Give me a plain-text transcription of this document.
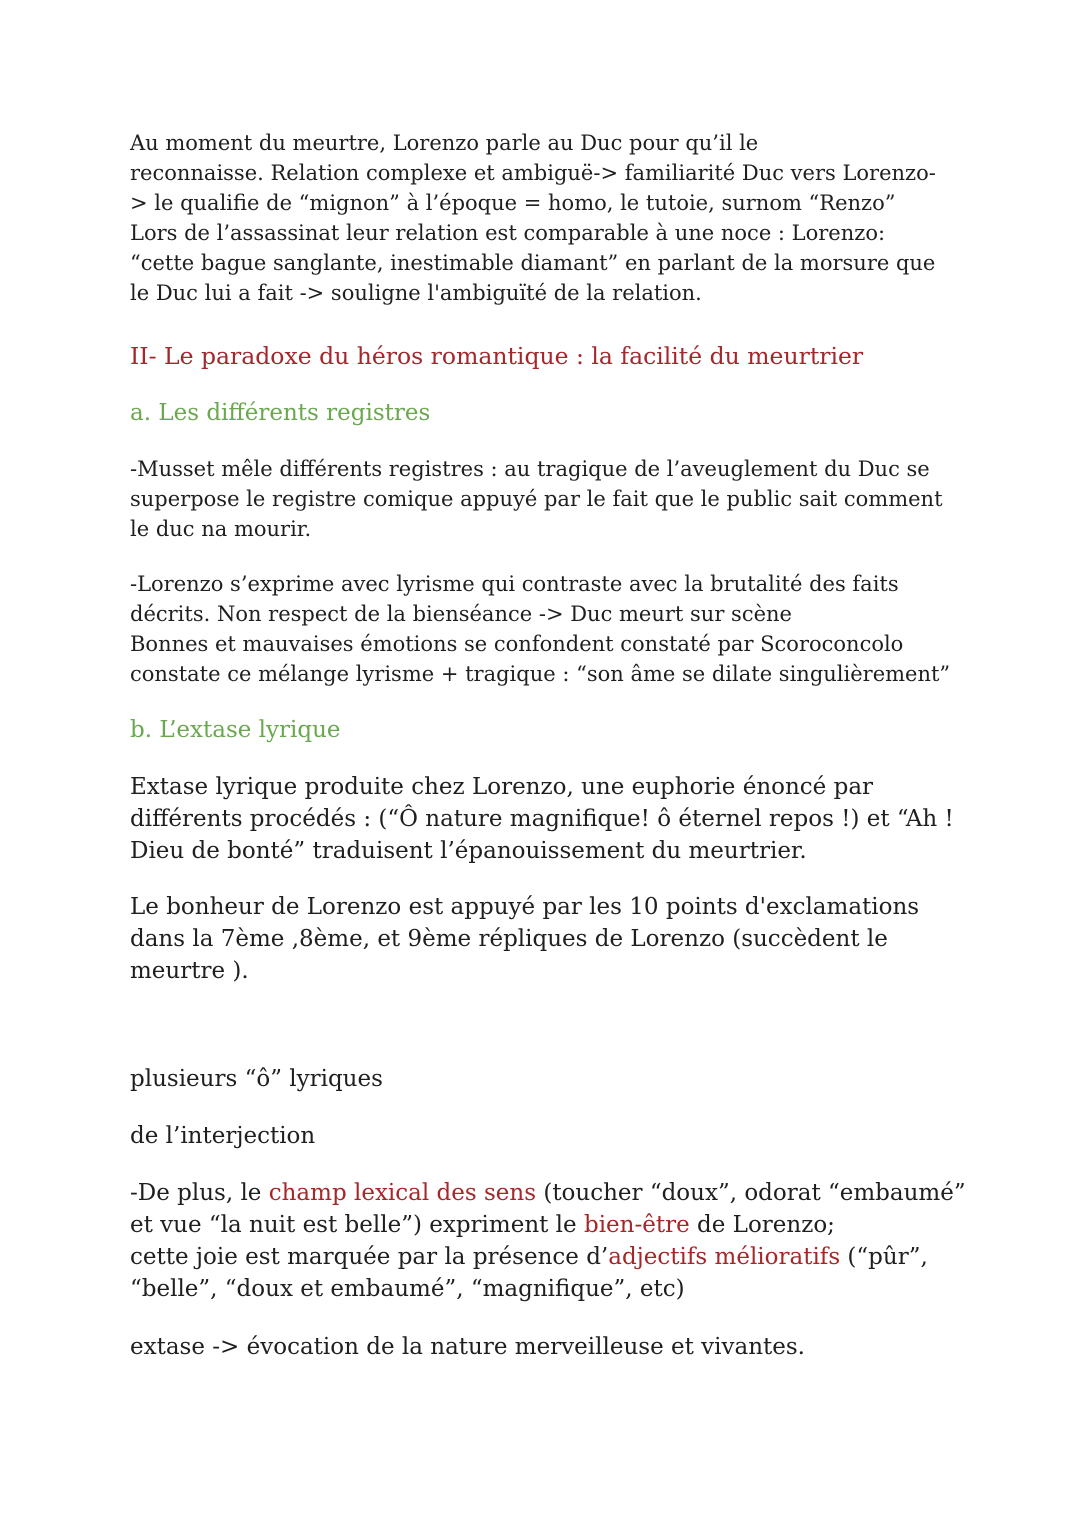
Au moment du meurtre, Lorenzo parle au Duc pour qu’il le
reconnaisse. Relation complexe et ambiguë-> familiarité Duc vers Lorenzo-
> le qualifie de “mignon” à l’époque = homo, le tutoie, surnom “Renzo”
Lors de l’assassinat leur relation est comparable à une noce : Lorenzo:
“cette bague sanglante, inestimable diamant” en parlant de la morsure que
le Duc lui a fait -> souligne l'ambiguïté de la relation.

II- Le paradoxe du héros romantique : la facilité du meurtrier

a. Les différents registres

-Musset mêle différents registres : au tragique de l’aveuglement du Duc se
superpose le registre comique appuyé par le fait que le public sait comment
le duc na mourir.

-Lorenzo s’exprime avec lyrisme qui contraste avec la brutalité des faits
décrits. Non respect de la bienséance -> Duc meurt sur scène
Bonnes et mauvaises émotions se confondent constaté par Scoroconcolo
constate ce mélange lyrisme + tragique : “son âme se dilate singulièrement”

b. L’extase lyrique

Extase lyrique produite chez Lorenzo, une euphorie énoncé par
différents procédés : (“Ô nature magnifique! ô éternel repos !) et “Ah !
Dieu de bonté” traduisent l’épanouissement du meurtrier.

Le bonheur de Lorenzo est appuyé par les 10 points d'exclamations
dans la 7ème ,8ème, et 9ème répliques de Lorenzo (succèdent le
meurtre ).

plusieurs “ô” lyriques

de l’interjection

-De plus, le champ lexical des sens (toucher “doux”, odorat “embaumé”
et vue “la nuit est belle”) expriment le bien-être de Lorenzo;
cette joie est marquée par la présence d’adjectifs mélioratifs (“pûr”,
“belle”, “doux et embaumé”, “magnifique”, etc)

extase -> évocation de la nature merveilleuse et vivantes.
